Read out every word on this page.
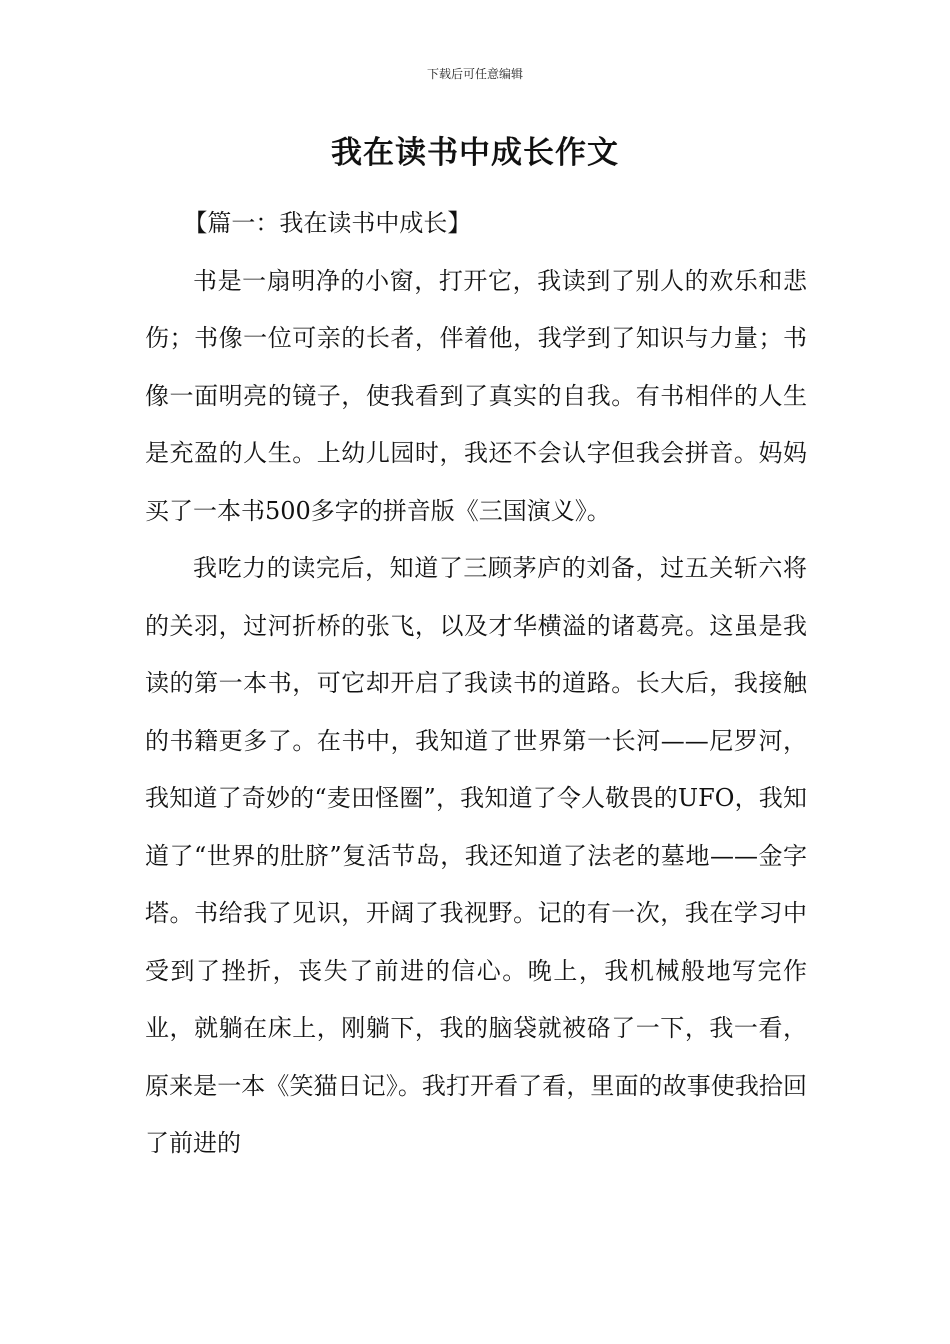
下载后可任意编辑
我在读书中成长作文

【篇一：我在读书中成长】

书是一扇明净的小窗，打开它，我读到了别人的欢乐和悲伤；书像一位可亲的长者，伴着他，我学到了知识与力量；书像一面明亮的镜子，使我看到了真实的自我。有书相伴的人生是充盈的人生。上幼儿园时，我还不会认字但我会拼音。妈妈买了一本书500多字的拼音版《三国演义》。

我吃力的读完后，知道了三顾茅庐的刘备，过五关斩六将的关羽，过河折桥的张飞，以及才华横溢的诸葛亮。这虽是我读的第一本书，可它却开启了我读书的道路。长大后，我接触的书籍更多了。在书中，我知道了世界第一长河——尼罗河，我知道了奇妙的“麦田怪圈”，我知道了令人敬畏的UFO，我知道了“世界的肚脐”复活节岛，我还知道了法老的墓地——金字塔。书给我了见识，开阔了我视野。记的有一次，我在学习中受到了挫折，丧失了前进的信心。晚上，我机械般地写完作业，就躺在床上，刚躺下，我的脑袋就被硌了一下，我一看，原来是一本《笑猫日记》。我打开看了看，里面的故事使我拾回了前进的
